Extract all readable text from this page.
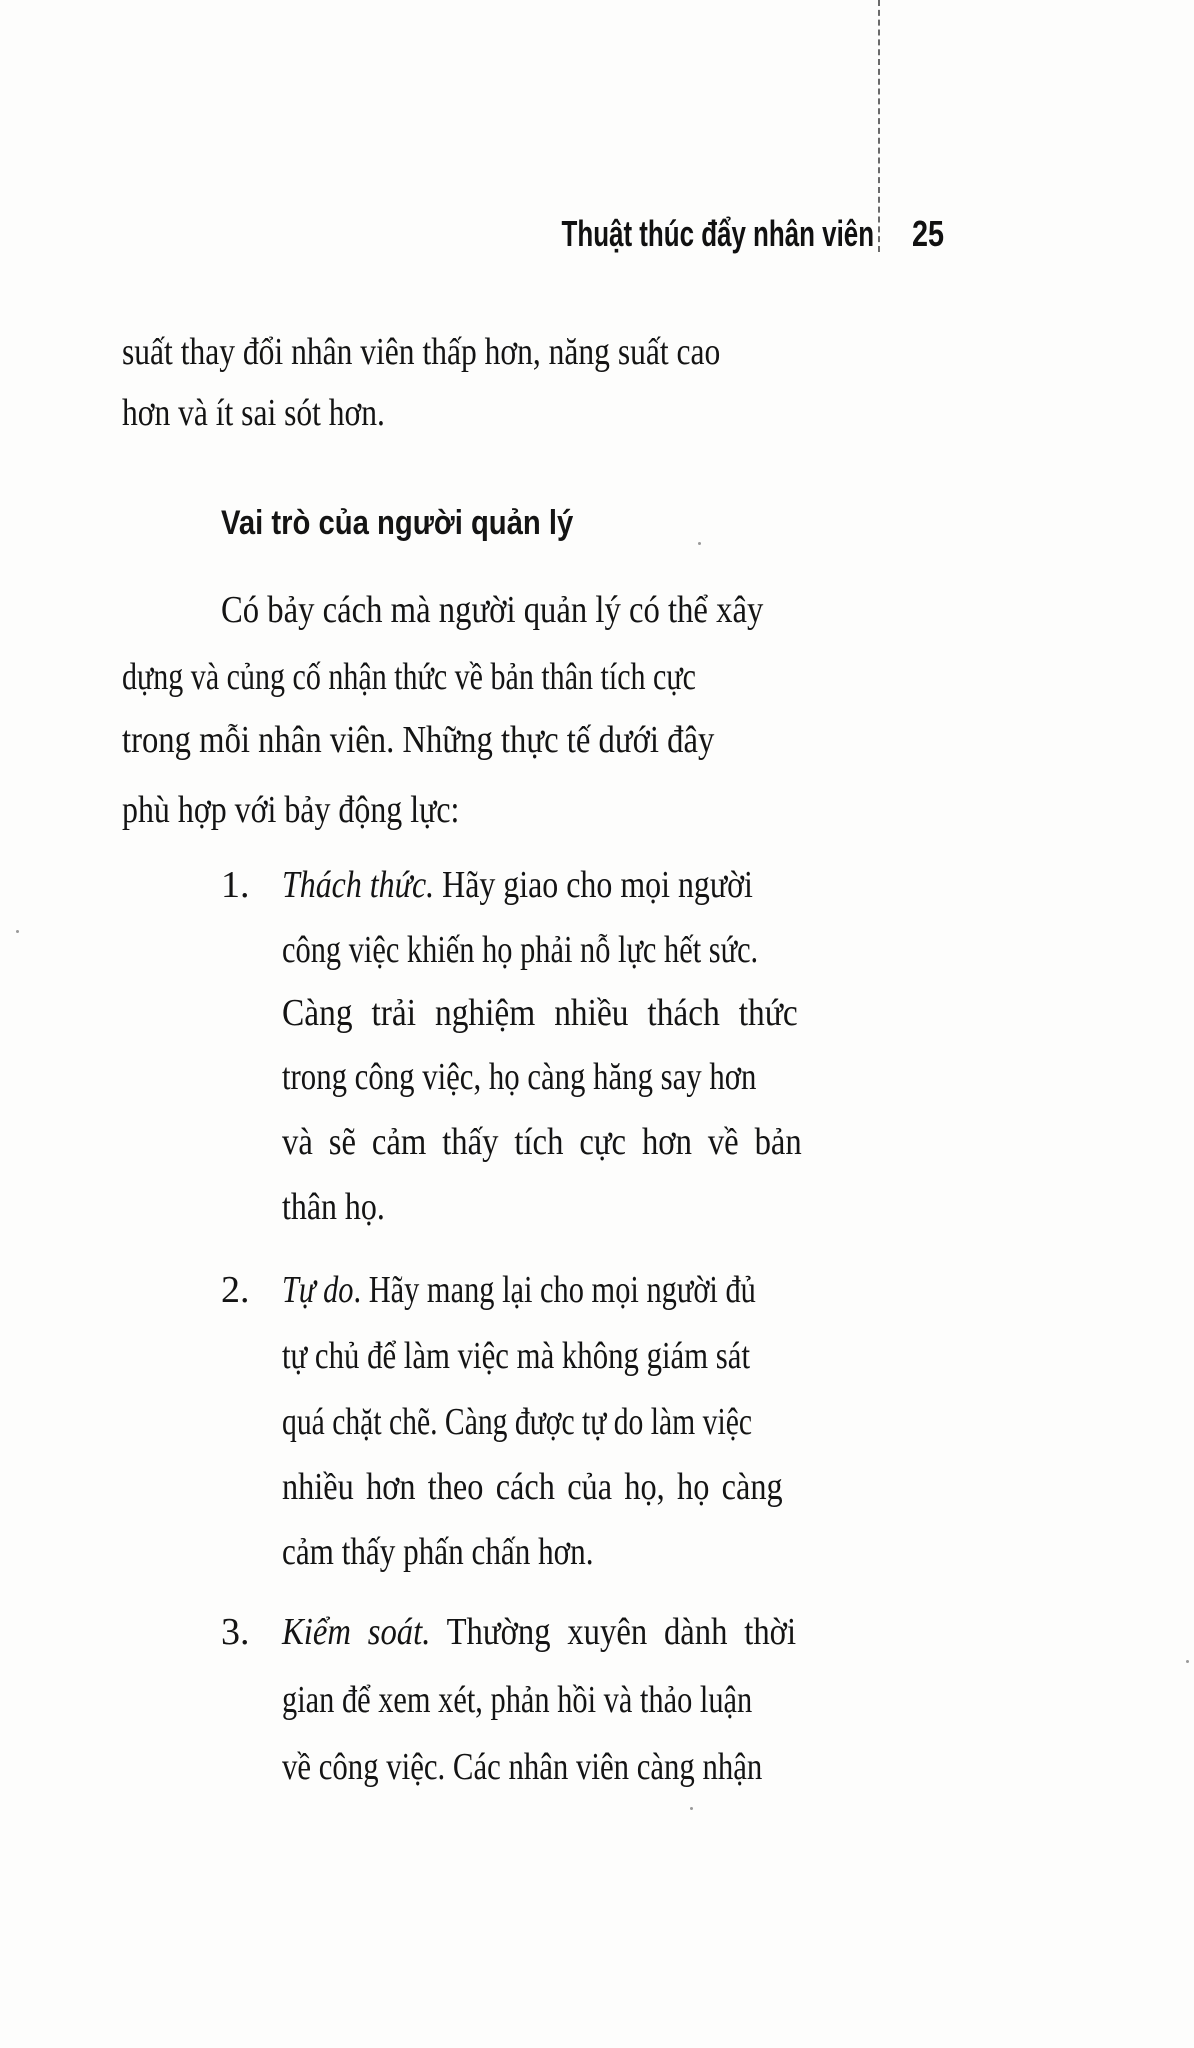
Thuật thúc đẩy nhân viên 25
suất thay đổi nhân viên thấp hơn, năng suất cao
hơn và ít sai sót hơn.
Vai trò của người quản lý
Có bảy cách mà người quản lý có thể xây
dựng và củng cố nhận thức về bản thân tích cực
trong mỗi nhân viên. Những thực tế dưới đây
phù hợp với bảy động lực:
1. Thách thức. Hãy giao cho mọi người
công việc khiến họ phải nỗ lực hết sức.
Càng trải nghiệm nhiều thách thức
trong công việc, họ càng hăng say hơn
và sẽ cảm thấy tích cực hơn về bản
thân họ.
2. Tự do. Hãy mang lại cho mọi người đủ
tự chủ để làm việc mà không giám sát
quá chặt chẽ. Càng được tự do làm việc
nhiều hơn theo cách của họ, họ càng
cảm thấy phấn chấn hơn.
3. Kiểm soát. Thường xuyên dành thời
gian để xem xét, phản hồi và thảo luận
về công việc. Các nhân viên càng nhận
